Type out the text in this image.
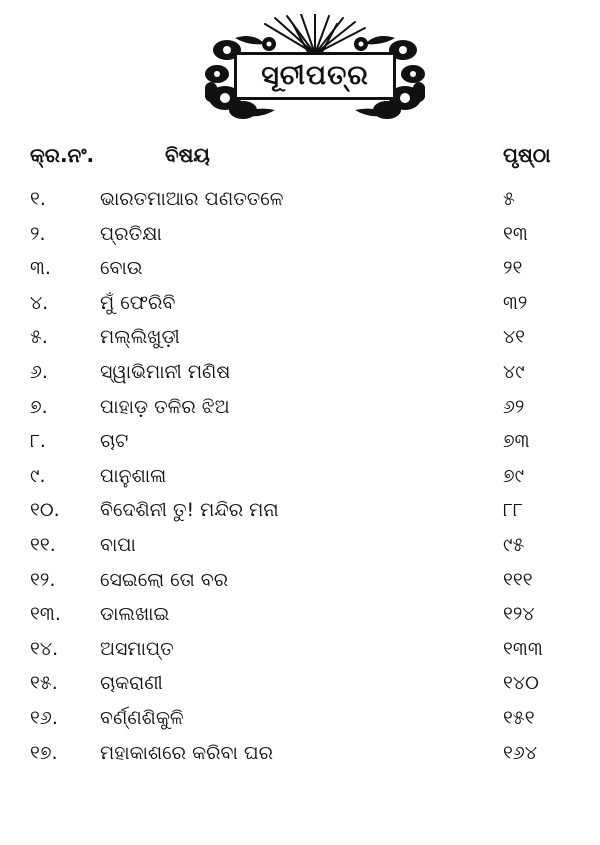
ସୂଚୀପତ୍ର
କ୍ର.ନଂ.	ବିଷୟ	ପୃଷ୍ଠା
୧.	ଭାରତମାଆର ପଣତତଳେ	୫
୨.	ପ୍ରତିକ୍ଷା	୧୩
୩.	ବୋଉ	୨୧
୪.	ମୁଁ ଫେରିବି	୩୨
୫.	ମଲ୍ଲିଖୁଡ଼ୀ	୪୧
୬.	ସ୍ୱାଭିମାନୀ ମଣିଷ	୪୯
୭.	ପାହାଡ଼ ତଳିର ଝିଅ	୬୨
୮.	ଚାଟ	୭୩
୯.	ପାନୁଶାଳା	୭୯
୧୦. ବିଦେଶିନୀ ତୁ! ମନ୍ଦିର ମନା	୮୮
୧୧. ବାପା	୯୫
୧୨. ସେଇଲୋ ତୋ ବର	୧୧୧
୧୩. ଡାଲଖାଇ	୧୨୪
୧୪. ଅସମାପ୍ତ	୧୩୩
୧୫. ଚାକରାଣୀ	୧୪୦
୧୬. ବର୍ଣ୍ଣଶିକୁଳି	୧୫୧
୧୭. ମହାକାଶରେ କରିବା ଘର	୧୬୪
